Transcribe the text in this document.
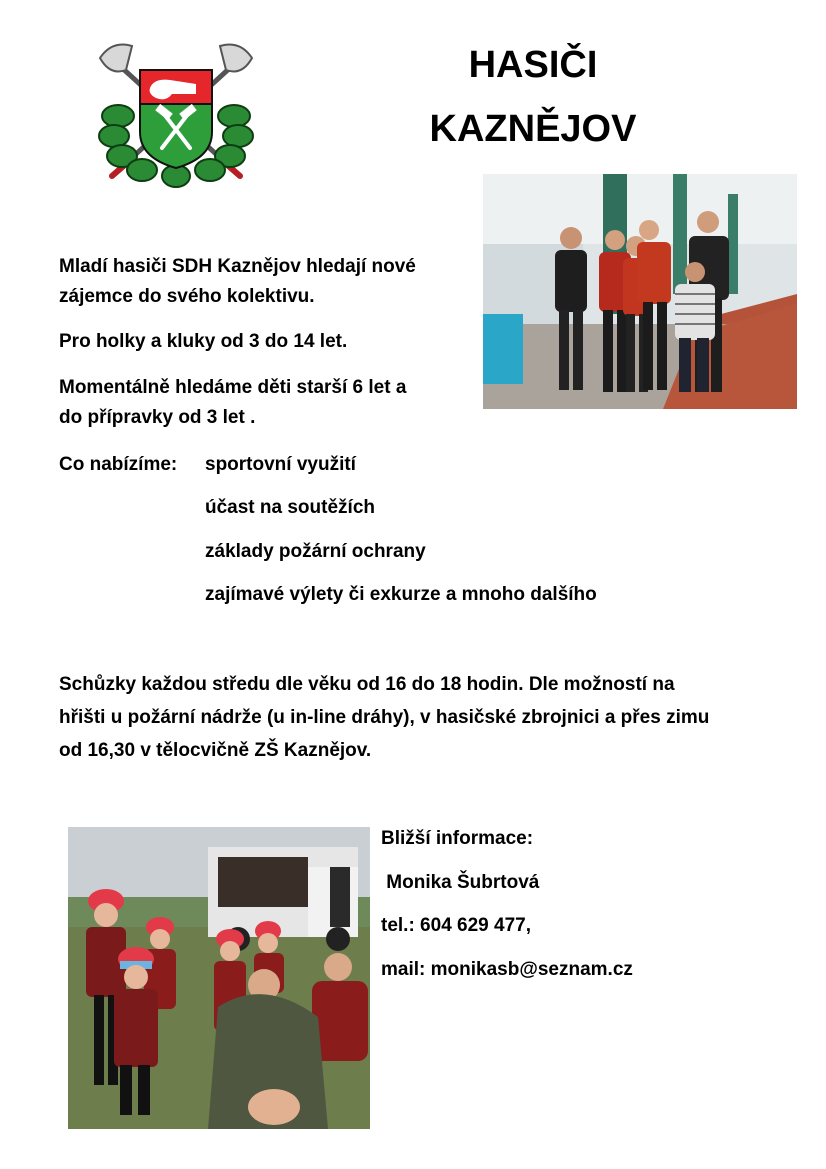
HASIČI
KAZNĚJOV
Mladí hasiči SDH Kaznějov hledají nové
zájemce do svého kolektivu.
Pro holky a kluky od 3 do 14 let.
Momentálně hledáme děti starší 6 let a
do přípravky od 3 let .
Co nabízíme: sportovní využití
účast na soutěžích
základy požární ochrany
zajímavé výlety či exkurze a mnoho dalšího
Schůzky každou středu dle věku od 16 do 18 hodin. Dle možností na
hřišti u požární nádrže (u in-line dráhy), v hasičské zbrojnici a přes zimu
od 16,30 v tělocvičně ZŠ Kaznějov.
Bližší informace:
Monika Šubrtová
tel.: 604 629 477,
mail: monikasb@seznam.cz
